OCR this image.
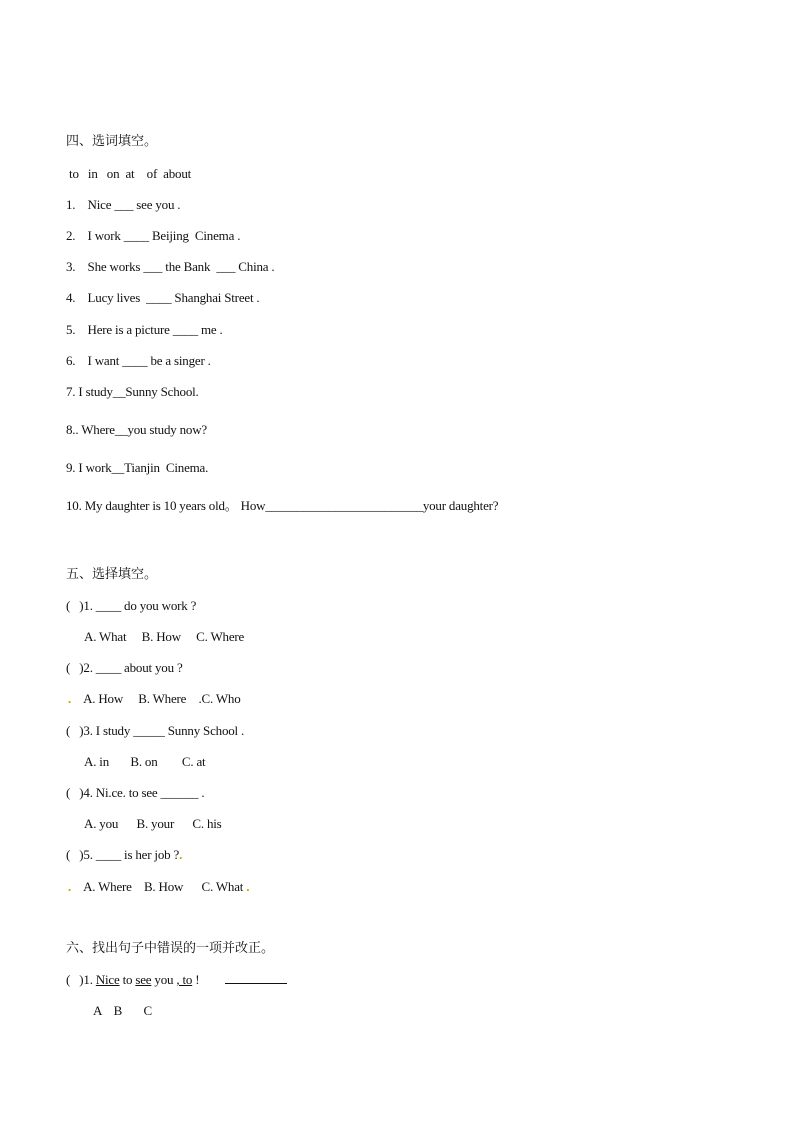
四、选词填空。
to   in   on  at    of  about
1.    Nice ___ see you .
2.    I work ____ Beijing  Cinema .
3.    She works ___ the Bank  ___ China .
4.    Lucy lives  ____ Shanghai Street .
5.    Here is a picture ____ me .
6.    I want ____ be a singer .
7. I study__Sunny School.
8.. Where__you study now?
9. I work__Tianjin  Cinema.
10. My daughter is 10 years old。 How_________________________your daughter?
五、选择填空。
(   )1. ____ do you work ?
A. What     B. How     C. Where
(   )2. ____ about you ?
. A. How     B. Where    .C. Who
(   )3. I study _____ Sunny School .
A. in       B. on        C. at
(   )4. Ni.ce. to see ______ .
A. you      B. your      C. his
(   )5. ____ is her job ?.
. A. Where    B. How      C. What .
六、找出句子中错误的一项并改正。
(   )1. Nice to see you , to !
A    B       C
